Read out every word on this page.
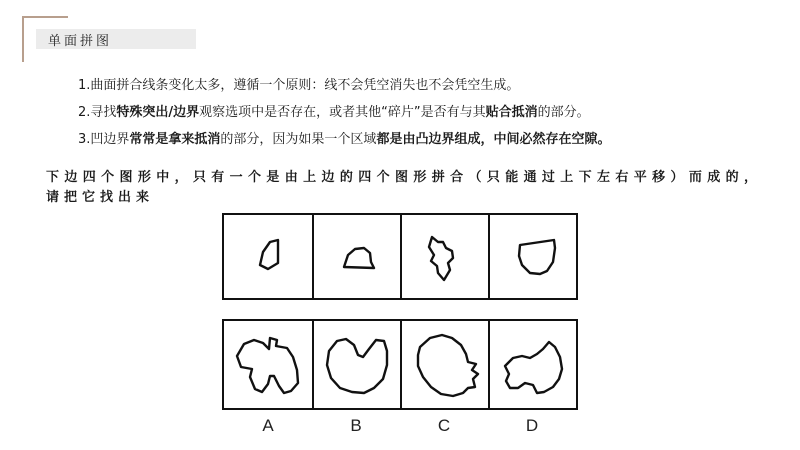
单面拼图
1.曲面拼合线条变化太多，遵循一个原则：线不会凭空消失也不会凭空生成。
2.寻找特殊突出/边界观察选项中是否存在，或者其他“碎片”是否有与其贴合抵消的部分。
3.凹边界常常是拿来抵消的部分，因为如果一个区域都是由凸边界组成，中间必然存在空隙。
下边四个图形中，只有一个是由上边的四个图形拼合（只能通过上下左右平移）而成的，请把它找出来
A	B	C	D
